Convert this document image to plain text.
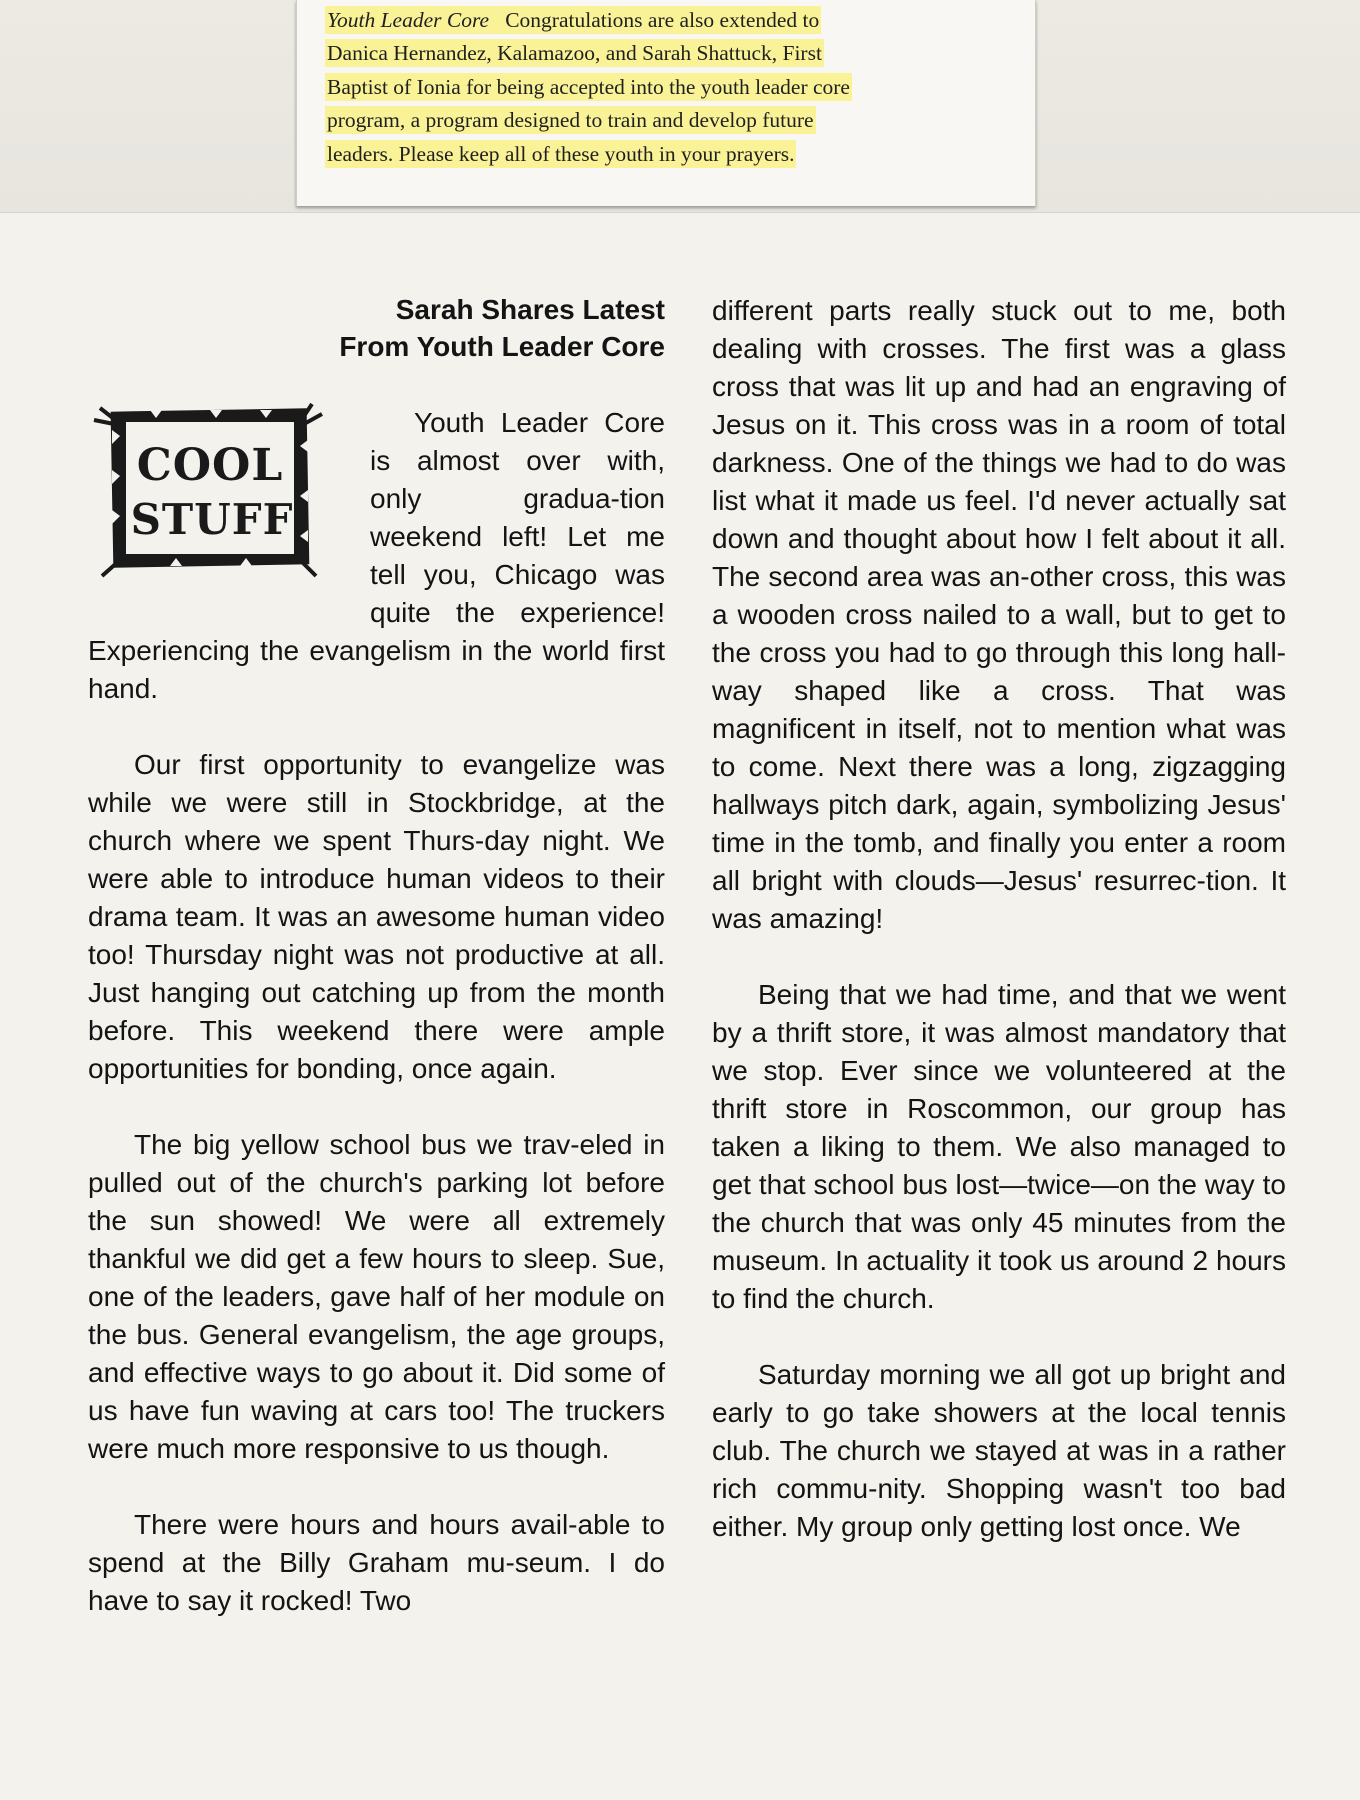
Youth Leader Core Congratulations are also extended to
Danica Hernandez, Kalamazoo, and Sarah Shattuck, First
Baptist of Ionia for being accepted into the youth leader core
program, a program designed to train and develop future
leaders. Please keep all of these youth in your prayers.
Sarah Shares Latest
From Youth Leader Core
COOL
STUFF

Youth Leader Core is almost over with, only gradua-tion weekend left! Let me tell you, Chicago was quite the experience! Experiencing the evangelism in the world first hand.

Our first opportunity to evangelize was while we were still in Stockbridge, at the church where we spent Thurs-day night. We were able to introduce human videos to their drama team. It was an awesome human video too! Thursday night was not productive at all. Just hanging out catching up from the month before. This weekend there were ample opportunities for bonding, once again.

The big yellow school bus we trav-eled in pulled out of the church's parking lot before the sun showed! We were all extremely thankful we did get a few hours to sleep. Sue, one of the leaders, gave half of her module on the bus. General evangelism, the age groups, and effective ways to go about it. Did some of us have fun waving at cars too! The truckers were much more responsive to us though.

There were hours and hours avail-able to spend at the Billy Graham mu-seum. I do have to say it rocked! Two

different parts really stuck out to me, both dealing with crosses. The first was a glass cross that was lit up and had an engraving of Jesus on it. This cross was in a room of total darkness. One of the things we had to do was list what it made us feel. I'd never actually sat down and thought about how I felt about it all. The second area was an-other cross, this was a wooden cross nailed to a wall, but to get to the cross you had to go through this long hall-way shaped like a cross. That was magnificent in itself, not to mention what was to come. Next there was a long, zigzagging hallways pitch dark, again, symbolizing Jesus' time in the tomb, and finally you enter a room all bright with clouds—Jesus' resurrec-tion. It was amazing!

Being that we had time, and that we went by a thrift store, it was almost mandatory that we stop. Ever since we volunteered at the thrift store in Roscommon, our group has taken a liking to them. We also managed to get that school bus lost—twice—on the way to the church that was only 45 minutes from the museum. In actuality it took us around 2 hours to find the church.

Saturday morning we all got up bright and early to go take showers at the local tennis club. The church we stayed at was in a rather rich commu-nity. Shopping wasn't too bad either. My group only getting lost once. We
